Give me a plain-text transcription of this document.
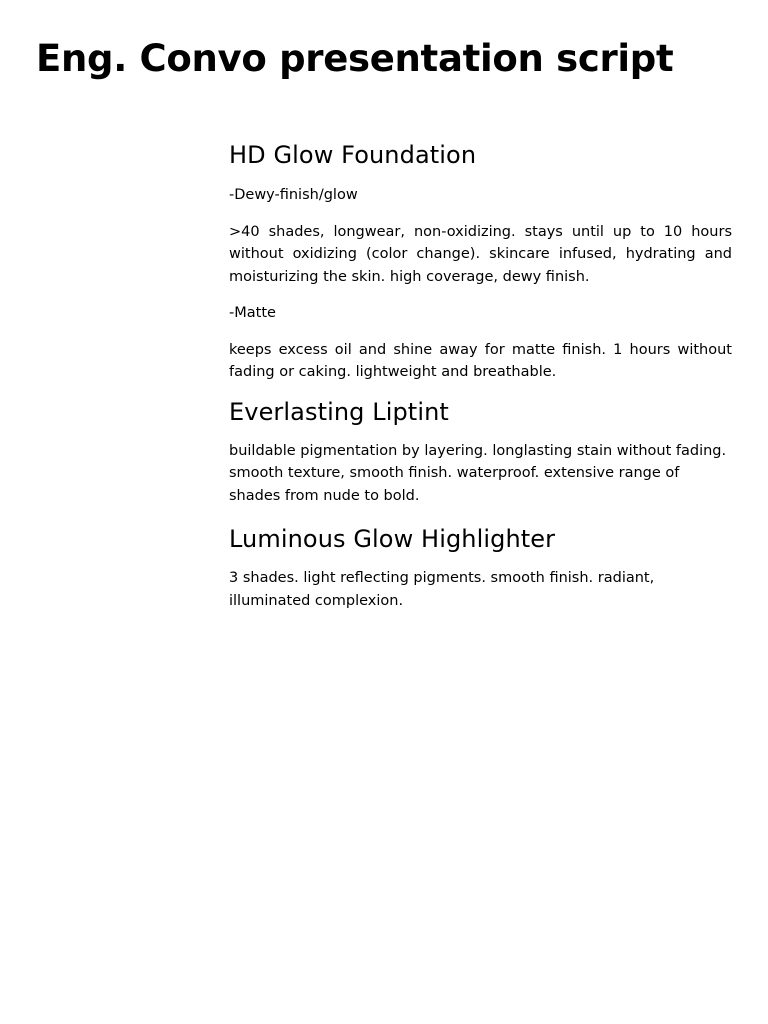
Eng. Convo presentation script
HD Glow Foundation

-Dewy-finish/glow

>40 shades, longwear, non-oxidizing. stays until up to 10 hours without oxidizing (color change). skincare infused, hydrating and moisturizing the skin. high coverage, dewy finish.

-Matte

keeps excess oil and shine away for matte finish. 1 hours without fading or caking. lightweight and breathable.

Everlasting Liptint

buildable pigmentation by layering. longlasting stain without fading. smooth texture, smooth finish. waterproof. extensive range of shades from nude to bold.

Luminous Glow Highlighter

3 shades. light reflecting pigments. smooth finish. radiant, illuminated complexion.
